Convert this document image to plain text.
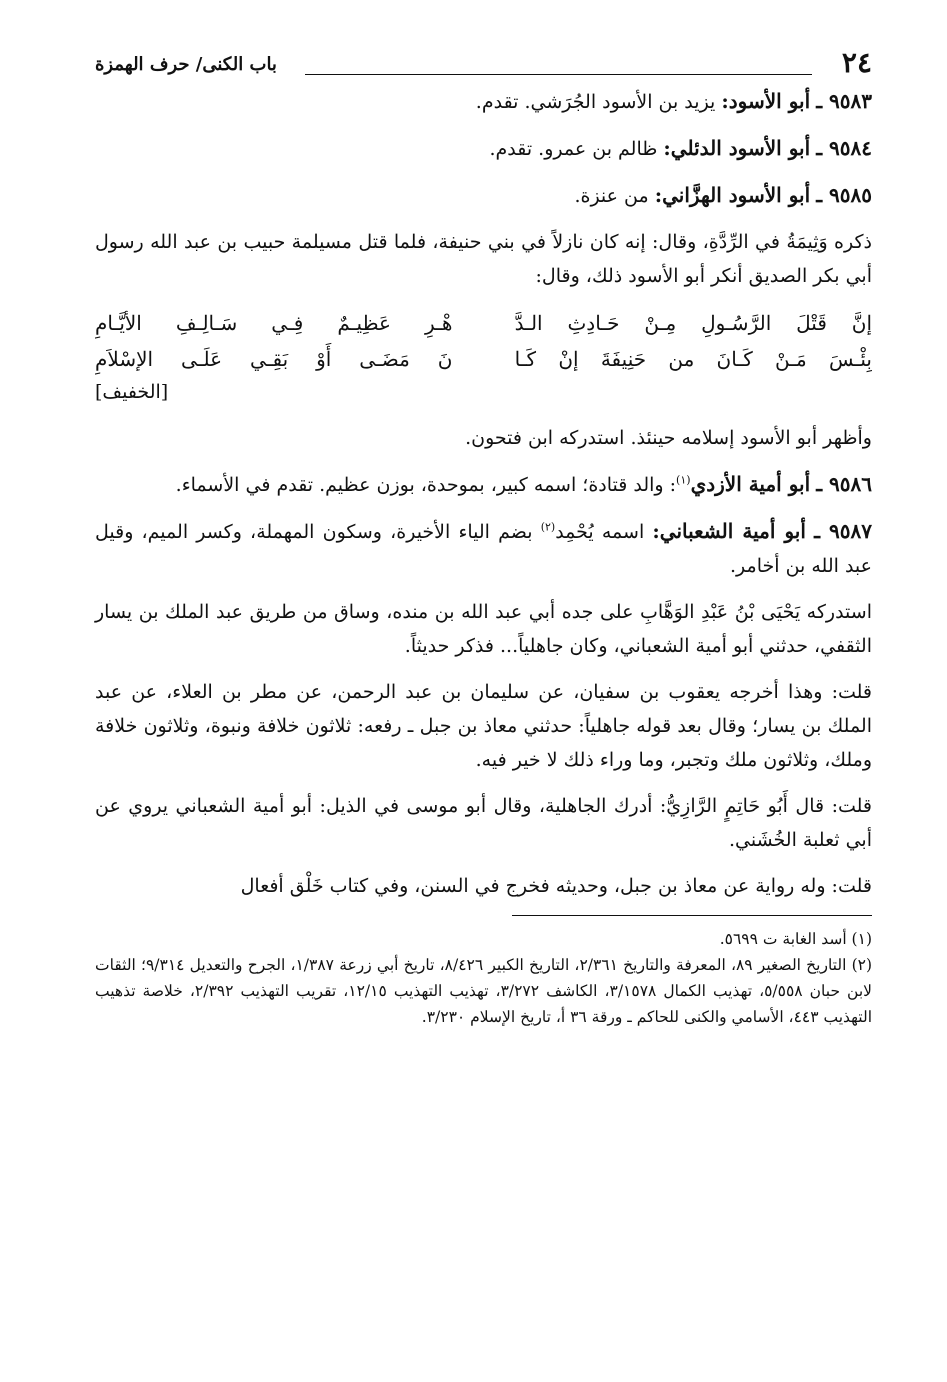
٢٤
باب الكنى/ حرف الهمزة

٩٥٨٣ ـ أبو الأسود: يزيد بن الأسود الجُرَشي. تقدم.

٩٥٨٤ ـ أبو الأسود الدئلي: ظالم بن عمرو. تقدم.

٩٥٨٥ ـ أبو الأسود الهزَّاني: من عنزة.

ذكره وَثِيمَةُ في الرِّدَّةِ، وقال: إنه كان نازلاً في بني حنيفة، فلما قتل مسيلمة حبيب بن عبد الله رسول أبي بكر الصديق أنكر أبو الأسود ذلك، وقال:

إنَّ قَتْلَ الرَّسُـولِ مِـنْ حَـادِثِ الـدَّ
هْـرِ عَظِيـمٌ فِـي سَـالِـفِ الأيَّـامِ
بِئْـسَ مَـنْ كَـانَ من حَنِيفَةَ إنْ كَـا
نَ مَضَـى أَوْ بَقِـي عَلَـى الإسْلاَمِ
[الخفيف]

وأظهر أبو الأسود إسلامه حينئذ. استدركه ابن فتحون.

٩٥٨٦ ـ أبو أمية الأزدي$^{(١)}$: والد قتادة؛ اسمه كبير، بموحدة، بوزن عظيم. تقدم في الأسماء.

٩٥٨٧ ـ أبو أمية الشعباني: اسمه يُحْمِد$^{(٢)}$ بضم الياء الأخيرة، وسكون المهملة، وكسر الميم، وقيل عبد الله بن أخامر.

استدركه يَحْيَى بْنُ عَبْدِ الوَهَّابِ على جده أبي عبد الله بن منده، وساق من طريق عبد الملك بن يسار الثقفي، حدثني أبو أمية الشعباني، وكان جاهلياً... فذكر حديثاً.

قلت: وهذا أخرجه يعقوب بن سفيان، عن سليمان بن عبد الرحمن، عن مطر بن العلاء، عن عبد الملك بن يسار؛ وقال بعد قوله جاهلياً: حدثني معاذ بن جبل ـ رفعه: ثلاثون خلافة ونبوة، وثلاثون خلافة وملك، وثلاثون ملك وتجبر، وما وراء ذلك لا خير فيه.

قلت: قال أَبُو حَاتِمٍ الرَّازِيُّ: أدرك الجاهلية، وقال أبو موسى في الذيل: أبو أمية الشعباني يروي عن أبي ثعلبة الخُشَني.

قلت: وله رواية عن معاذ بن جبل، وحديثه فخرج في السنن، وفي كتاب خَلْق أفعال

(١) أسد الغابة ت ٥٦٩٩.

(٢) التاريخ الصغير ٨٩، المعرفة والتاريخ ٢/٣٦١، التاريخ الكبير ٨/٤٢٦، تاريخ أبي زرعة ١/٣٨٧، الجرح والتعديل ٩/٣١٤؛ الثقات لابن حبان ٥/٥٥٨، تهذيب الكمال ٣/١٥٧٨، الكاشف ٣/٢٧٢، تهذيب التهذيب ١٢/١٥، تقريب التهذيب ٢/٣٩٢، خلاصة تذهيب التهذيب ٤٤٣، الأسامي والكنى للحاكم ـ ورقة ٣٦ أ، تاريخ الإسلام ٣/٢٣٠.
